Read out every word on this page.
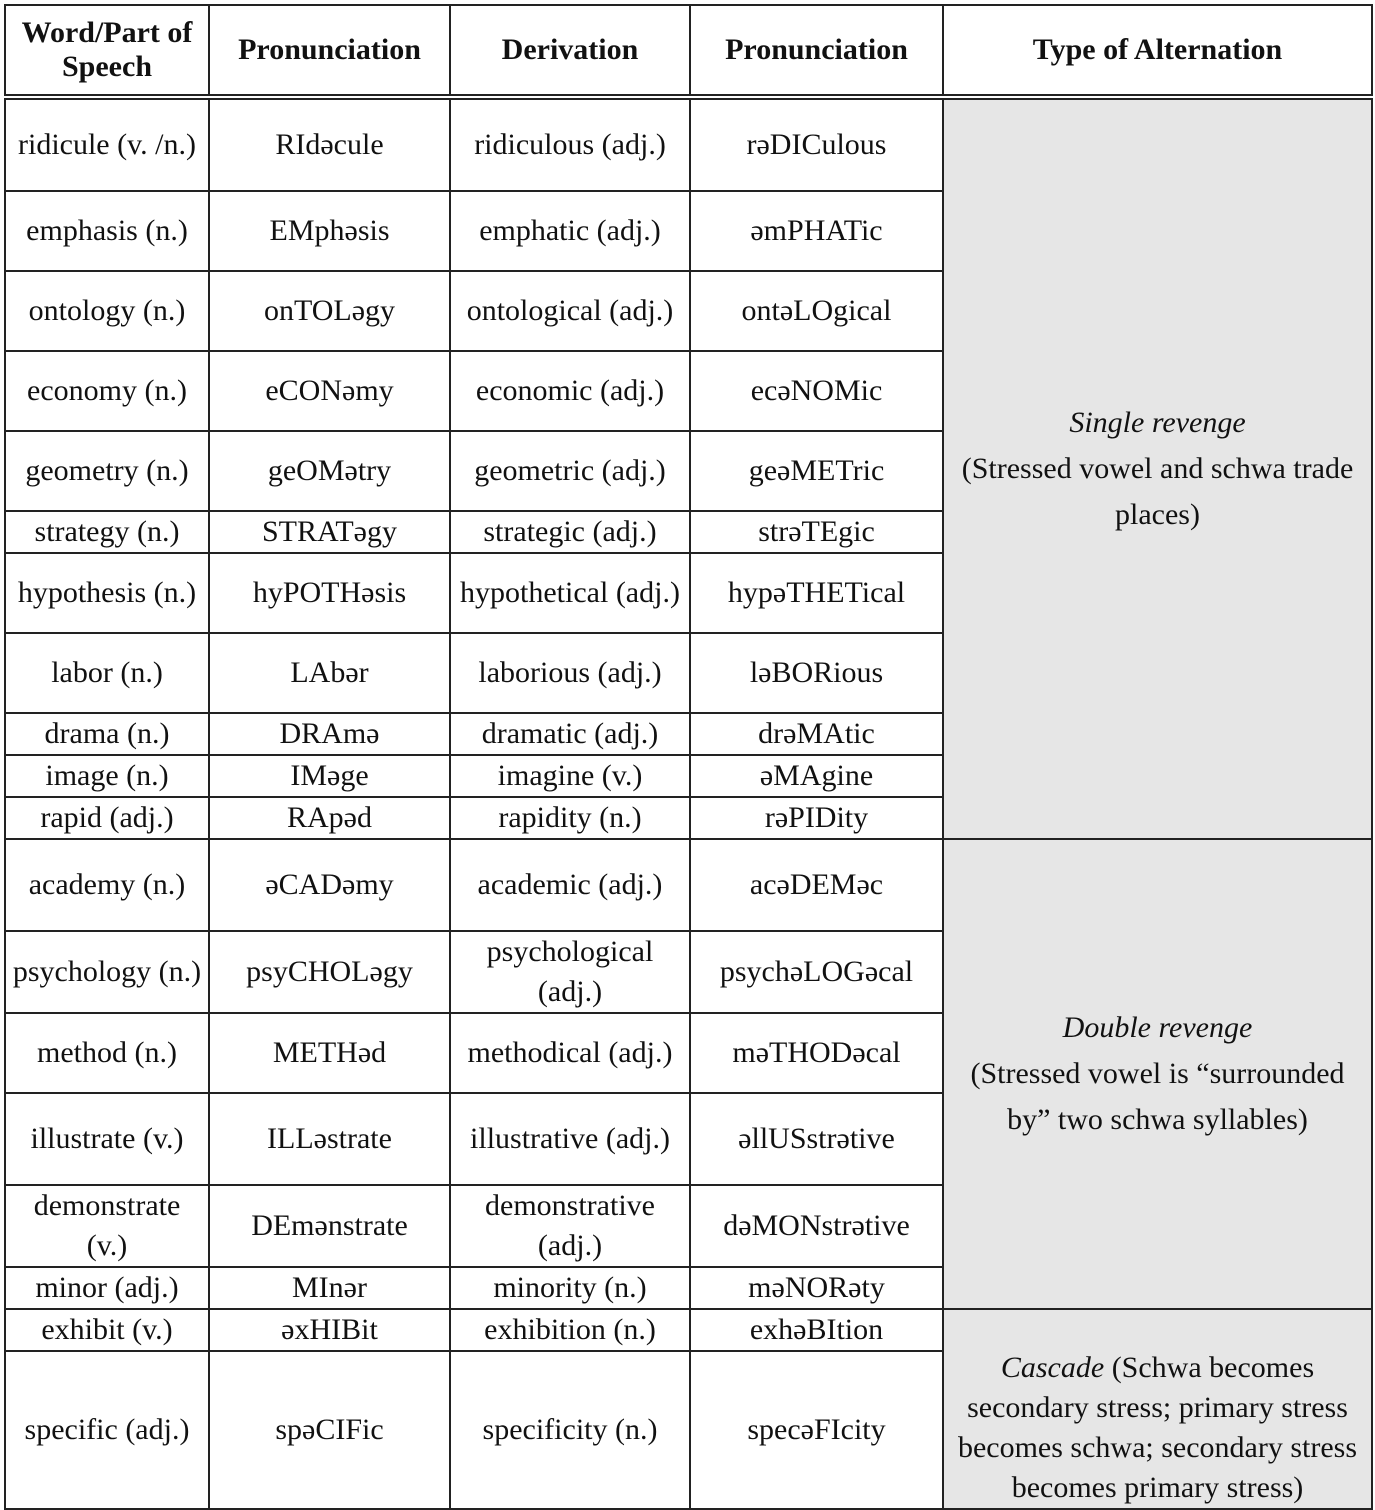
Word/Part of Speech	Pronunciation	Derivation	Pronunciation	Type of Alternation
ridicule (v. /n.)	RIdəcule	ridiculous (adj.)	rəDICulous	Single revenge
(Stressed vowel and schwa trade places)

emphasis (n.)	EMphəsis	emphatic (adj.)	əmPHATic	
ontology (n.)	onTOLəgy	ontological (adj.)	ontəLOgical	
economy (n.)	eCONəmy	economic (adj.)	ecəNOMic	
geometry (n.)	geOMətry	geometric (adj.)	geəMETric	
strategy (n.)	STRATəgy	strategic (adj.)	strəTEgic	
hypothesis (n.)	hyPOTHəsis	hypothetical (adj.)	hypəTHETical	
labor (n.)	LAbər	laborious (adj.)	ləBORious	
drama (n.)	DRAmə	dramatic (adj.)	drəMAtic	
image (n.)	IMəge	imagine (v.)	əMAgine	
rapid (adj.)	RApəd	rapidity (n.)	rəPIDity	
academy (n.)	əCADəmy	academic (adj.)	acəDEMəc	Double revenge
(Stressed vowel is “surrounded by” two schwa syllables)

psychology (n.)	psyCHOLəgy	psychological (adj.)	psychəLOGəcal	
method (n.)	METHəd	methodical (adj.)	məTHODəcal	
illustrate (v.)	ILLəstrate	illustrative (adj.)	əllUSstrətive	
demonstrate (v.)	DEmənstrate	demonstrative (adj.)	dəMONstrətive	
minor (adj.)	MInər	minority (n.)	məNORəty	
exhibit (v.)	əxHIBit	exhibition (n.)	exhəBItion	Cascade (Schwa becomes secondary stress; primary stress becomes schwa; secondary stress becomes primary stress)
specific (adj.)	spəCIFic	specificity (n.)	specəFIcity	
